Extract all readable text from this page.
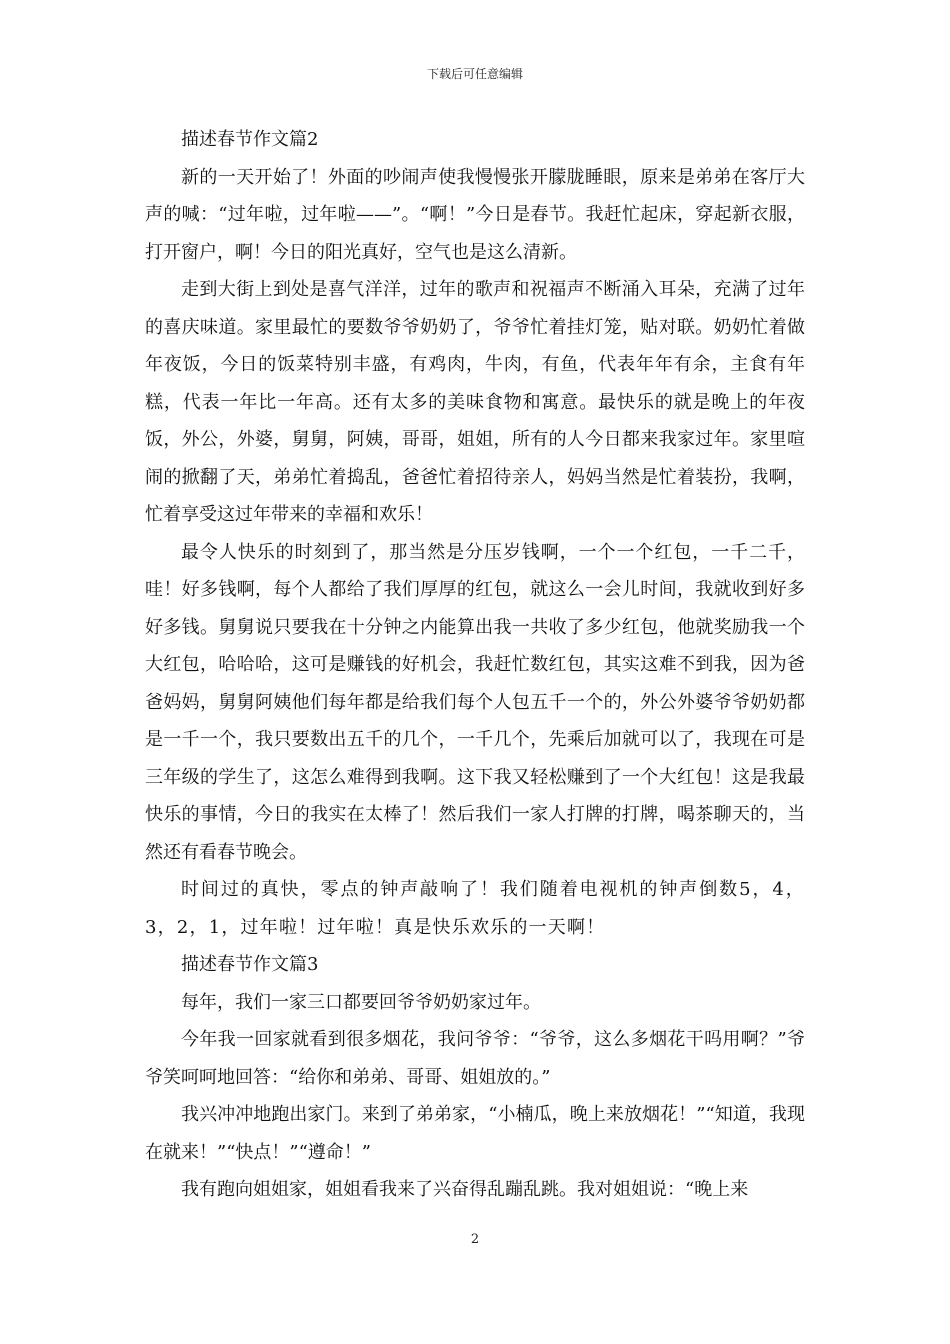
下载后可任意编辑

描述春节作文篇2

新的一天开始了！外面的吵闹声使我慢慢张开朦胧睡眼，原来是弟弟在客厅大声的喊：“过年啦，过年啦——”。“啊！”今日是春节。我赶忙起床，穿起新衣服，打开窗户，啊！今日的阳光真好，空气也是这么清新。

走到大街上到处是喜气洋洋，过年的歌声和祝福声不断涌入耳朵，充满了过年的喜庆味道。家里最忙的要数爷爷奶奶了，爷爷忙着挂灯笼，贴对联。奶奶忙着做年夜饭，今日的饭菜特别丰盛，有鸡肉，牛肉，有鱼，代表年年有余，主食有年糕，代表一年比一年高。还有太多的美味食物和寓意。最快乐的就是晚上的年夜饭，外公，外婆，舅舅，阿姨，哥哥，姐姐，所有的人今日都来我家过年。家里喧闹的掀翻了天，弟弟忙着捣乱，爸爸忙着招待亲人，妈妈当然是忙着装扮，我啊，忙着享受这过年带来的幸福和欢乐！

最令人快乐的时刻到了，那当然是分压岁钱啊，一个一个红包，一千二千，哇！好多钱啊，每个人都给了我们厚厚的红包，就这么一会儿时间，我就收到好多好多钱。舅舅说只要我在十分钟之内能算出我一共收了多少红包，他就奖励我一个大红包，哈哈哈，这可是赚钱的好机会，我赶忙数红包，其实这难不到我，因为爸爸妈妈，舅舅阿姨他们每年都是给我们每个人包五千一个的，外公外婆爷爷奶奶都是一千一个，我只要数出五千的几个，一千几个，先乘后加就可以了，我现在可是三年级的学生了，这怎么难得到我啊。这下我又轻松赚到了一个大红包！这是我最快乐的事情，今日的我实在太棒了！然后我们一家人打牌的打牌，喝茶聊天的，当然还有看春节晚会。

时间过的真快，零点的钟声敲响了！我们随着电视机的钟声倒数5，4，3，2，1，过年啦！过年啦！真是快乐欢乐的一天啊！

描述春节作文篇3

每年，我们一家三口都要回爷爷奶奶家过年。

今年我一回家就看到很多烟花，我问爷爷：“爷爷，这么多烟花干吗用啊？”爷爷笑呵呵地回答：“给你和弟弟、哥哥、姐姐放的。”

我兴冲冲地跑出家门。来到了弟弟家，“小楠瓜，晚上来放烟花！”“知道，我现在就来！”“快点！”“遵命！”

我有跑向姐姐家，姐姐看我来了兴奋得乱蹦乱跳。我对姐姐说：“晚上来

2
